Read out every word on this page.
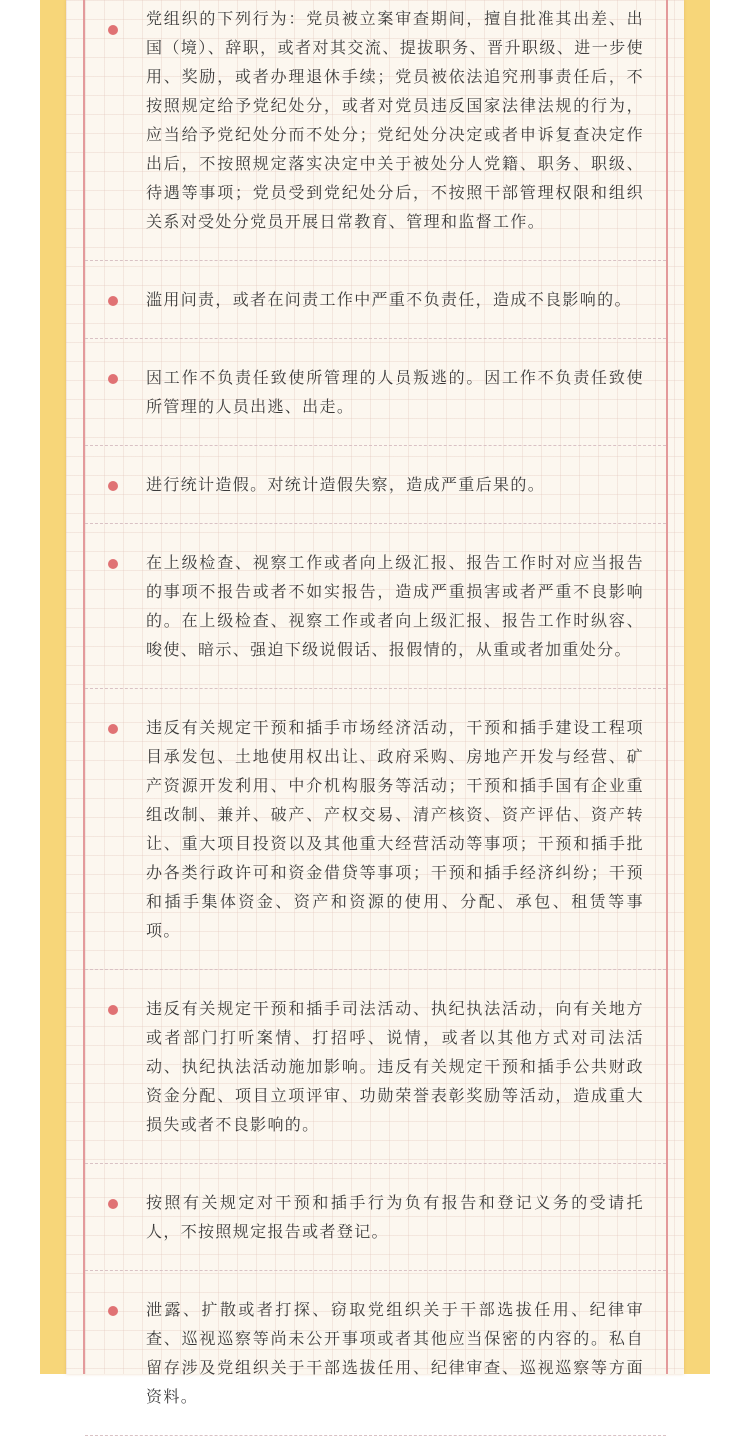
党组织的下列行为：党员被立案审查期间，擅自批准其出差、出国（境）、辞职，或者对其交流、提拔职务、晋升职级、进一步使用、奖励，或者办理退休手续；党员被依法追究刑事责任后，不按照规定给予党纪处分，或者对党员违反国家法律法规的行为，应当给予党纪处分而不处分；党纪处分决定或者申诉复查决定作出后，不按照规定落实决定中关于被处分人党籍、职务、职级、待遇等事项；党员受到党纪处分后，不按照干部管理权限和组织关系对受处分党员开展日常教育、管理和监督工作。

滥用问责，或者在问责工作中严重不负责任，造成不良影响的。

因工作不负责任致使所管理的人员叛逃的。因工作不负责任致使所管理的人员出逃、出走。

进行统计造假。对统计造假失察，造成严重后果的。

在上级检查、视察工作或者向上级汇报、报告工作时对应当报告的事项不报告或者不如实报告，造成严重损害或者严重不良影响的。在上级检查、视察工作或者向上级汇报、报告工作时纵容、唆使、暗示、强迫下级说假话、报假情的，从重或者加重处分。

违反有关规定干预和插手市场经济活动，干预和插手建设工程项目承发包、土地使用权出让、政府采购、房地产开发与经营、矿产资源开发利用、中介机构服务等活动；干预和插手国有企业重组改制、兼并、破产、产权交易、清产核资、资产评估、资产转让、重大项目投资以及其他重大经营活动等事项；干预和插手批办各类行政许可和资金借贷等事项；干预和插手经济纠纷；干预和插手集体资金、资产和资源的使用、分配、承包、租赁等事项。

违反有关规定干预和插手司法活动、执纪执法活动，向有关地方或者部门打听案情、打招呼、说情，或者以其他方式对司法活动、执纪执法活动施加影响。违反有关规定干预和插手公共财政资金分配、项目立项评审、功勋荣誉表彰奖励等活动，造成重大损失或者不良影响的。

按照有关规定对干预和插手行为负有报告和登记义务的受请托人，不按照规定报告或者登记。

泄露、扩散或者打探、窃取党组织关于干部选拔任用、纪律审查、巡视巡察等尚未公开事项或者其他应当保密的内容的。私自留存涉及党组织关于干部选拔任用、纪律审查、巡视巡察等方面资料。
